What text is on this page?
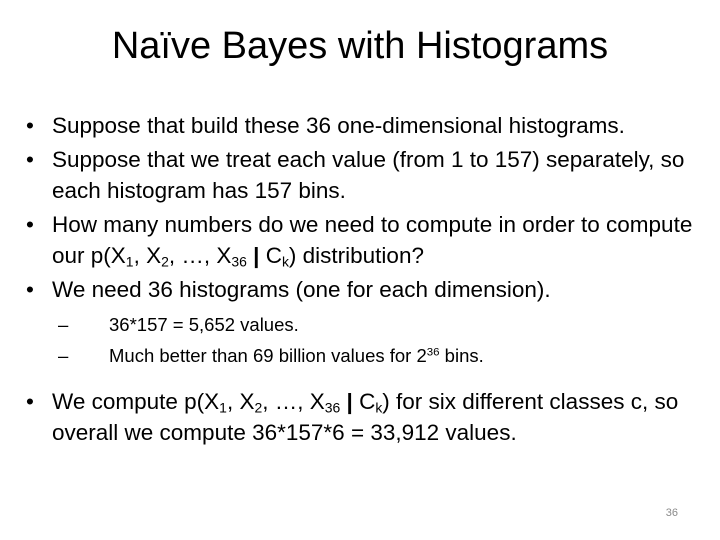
Naïve Bayes with Histograms
• Suppose that build these 36 one-dimensional histograms.
• Suppose that we treat each value (from 1 to 157) separately, so each histogram has 157 bins.
• How many numbers do we need to compute in order to compute our $p(X_1$, $X_2$, …, $X_{36}$ | $C_k$) distribution?
• We need 36 histograms (one for each dimension).
– 36*157 = 5,652 values.
– Much better than 69 billion values for $2^{36}$ bins.
• We compute $p(X_1$, $X_2$, …, $X_{36}$ | $C_k$) for six different classes c, so overall we compute 36*157*6 = 33,912 values.
36
